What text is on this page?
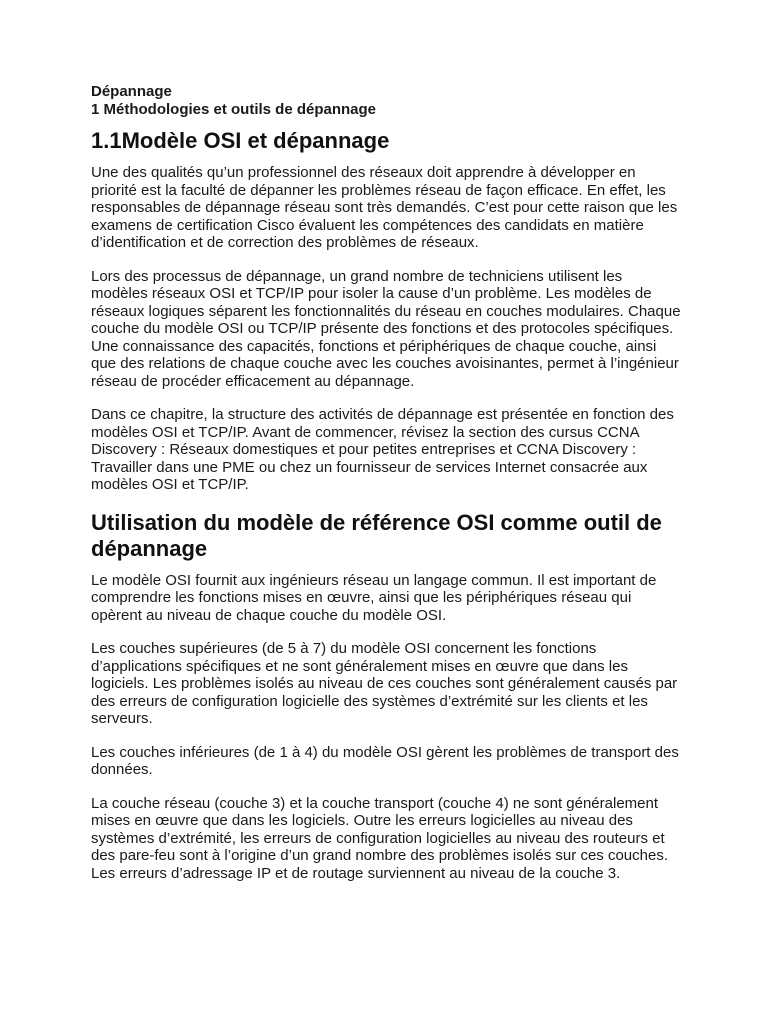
Dépannage
1 Méthodologies et outils de dépannage
1.1Modèle OSI et dépannage

Une des qualités qu’un professionnel des réseaux doit apprendre à développer en priorité est la faculté de dépanner les problèmes réseau de façon efficace. En effet, les responsables de dépannage réseau sont très demandés. C’est pour cette raison que les examens de certification Cisco évaluent les compétences des candidats en matière d’identification et de correction des problèmes de réseaux.

Lors des processus de dépannage, un grand nombre de techniciens utilisent les modèles réseaux OSI et TCP/IP pour isoler la cause d’un problème. Les modèles de réseaux logiques séparent les fonctionnalités du réseau en couches modulaires. Chaque couche du modèle OSI ou TCP/IP présente des fonctions et des protocoles spécifiques. Une connaissance des capacités, fonctions et périphériques de chaque couche, ainsi que des relations de chaque couche avec les couches avoisinantes, permet à l’ingénieur réseau de procéder efficacement au dépannage.

Dans ce chapitre, la structure des activités de dépannage est présentée en fonction des modèles OSI et TCP/IP. Avant de commencer, révisez la section des cursus CCNA Discovery : Réseaux domestiques et pour petites entreprises et CCNA Discovery : Travailler dans une PME ou chez un fournisseur de services Internet consacrée aux modèles OSI et TCP/IP.

Utilisation du modèle de référence OSI comme outil de dépannage

Le modèle OSI fournit aux ingénieurs réseau un langage commun. Il est important de comprendre les fonctions mises en œuvre, ainsi que les périphériques réseau qui opèrent au niveau de chaque couche du modèle OSI.

Les couches supérieures (de 5 à 7) du modèle OSI concernent les fonctions d’applications spécifiques et ne sont généralement mises en œuvre que dans les logiciels. Les problèmes isolés au niveau de ces couches sont généralement causés par des erreurs de configuration logicielle des systèmes d’extrémité sur les clients et les serveurs.

Les couches inférieures (de 1 à 4) du modèle OSI gèrent les problèmes de transport des données.

La couche réseau (couche 3) et la couche transport (couche 4) ne sont généralement mises en œuvre que dans les logiciels. Outre les erreurs logicielles au niveau des systèmes d’extrémité, les erreurs de configuration logicielles au niveau des routeurs et des pare-feu sont à l’origine d’un grand nombre des problèmes isolés sur ces couches. Les erreurs d’adressage IP et de routage surviennent au niveau de la couche 3.
